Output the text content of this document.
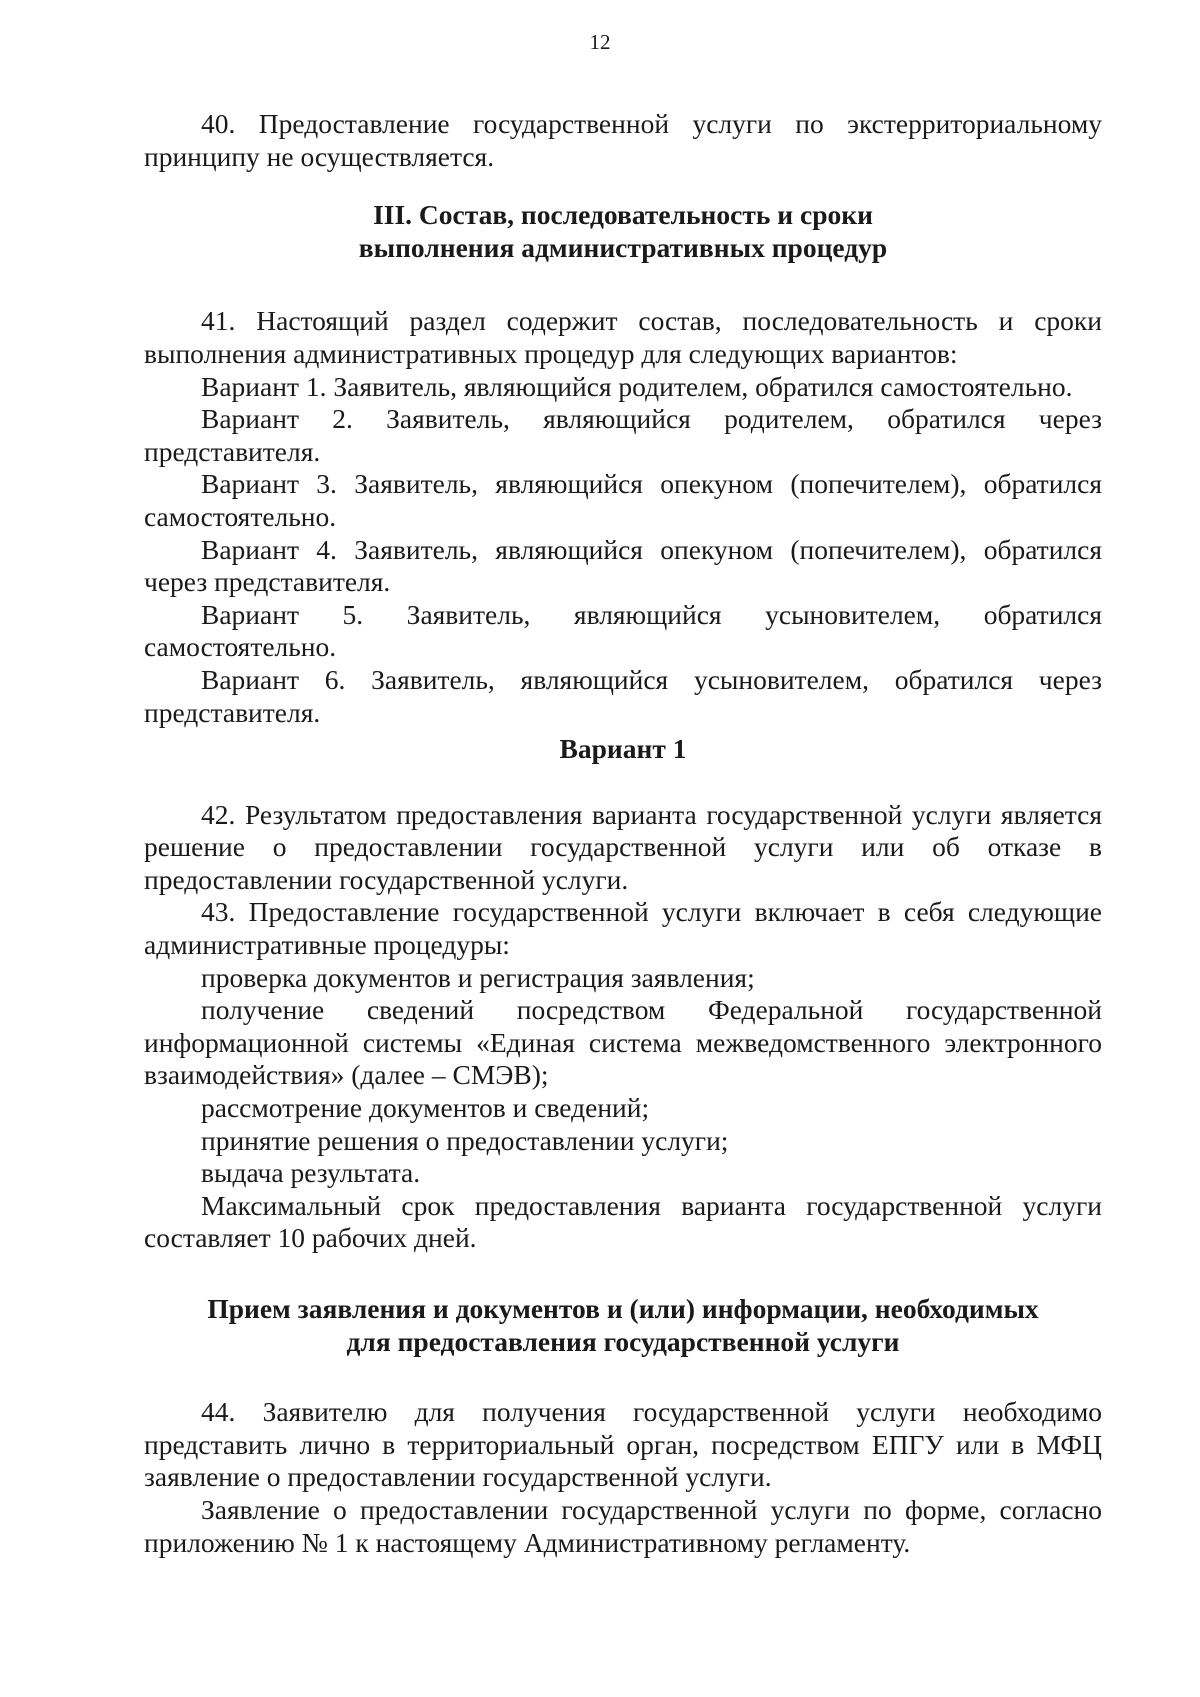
12

40. Предоставление государственной услуги по экстерриториальному принципу не осуществляется.

III. Состав, последовательность и сроки выполнения административных процедур

41. Настоящий раздел содержит состав, последовательность и сроки выполнения административных процедур для следующих вариантов:

Вариант 1. Заявитель, являющийся родителем, обратился самостоятельно.

Вариант 2. Заявитель, являющийся родителем, обратился через представителя.

Вариант 3. Заявитель, являющийся опекуном (попечителем), обратился самостоятельно.

Вариант 4. Заявитель, являющийся опекуном (попечителем), обратился через представителя.

Вариант 5. Заявитель, являющийся усыновителем, обратился самостоятельно.

Вариант 6. Заявитель, являющийся усыновителем, обратился через представителя.

Вариант 1

42. Результатом предоставления варианта государственной услуги является решение о предоставлении государственной услуги или об отказе в предоставлении государственной услуги.

43. Предоставление государственной услуги включает в себя следующие административные процедуры:

проверка документов и регистрация заявления;

получение сведений посредством Федеральной государственной информационной системы «Единая система межведомственного электронного взаимодействия» (далее – СМЭВ);

рассмотрение документов и сведений;

принятие решения о предоставлении услуги;

выдача результата.

Максимальный срок предоставления варианта государственной услуги составляет 10 рабочих дней.

Прием заявления и документов и (или) информации, необходимых
для предоставления государственной услуги

44. Заявителю для получения государственной услуги необходимо представить лично в территориальный орган, посредством ЕПГУ или в МФЦ заявление о предоставлении государственной услуги.

Заявление о предоставлении государственной услуги по форме, согласно приложению № 1 к настоящему Административному регламенту.
